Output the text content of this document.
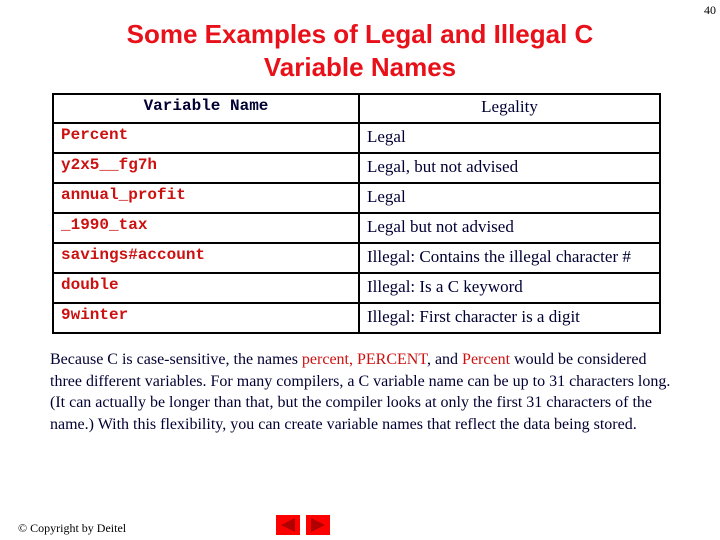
40
Some Examples of Legal and Illegal C
Variable Names
Variable Name	Legality
Percent	Legal
y2x5__fg7h	Legal, but not advised
annual_profit	Legal
_1990_tax	Legal but not advised
savings#account	Illegal: Contains the illegal character #
double	Illegal: Is a C keyword
9winter	Illegal: First character is a digit
Because C is case-sensitive, the names percent, PERCENT, and Percent would be considered three different variables. For many compilers, a C variable name can be up to 31 characters long. (It can actually be longer than that, but the compiler looks at only the first 31 characters of the name.) With this flexibility, you can create variable names that reflect the data being stored.
© Copyright by Deitel
